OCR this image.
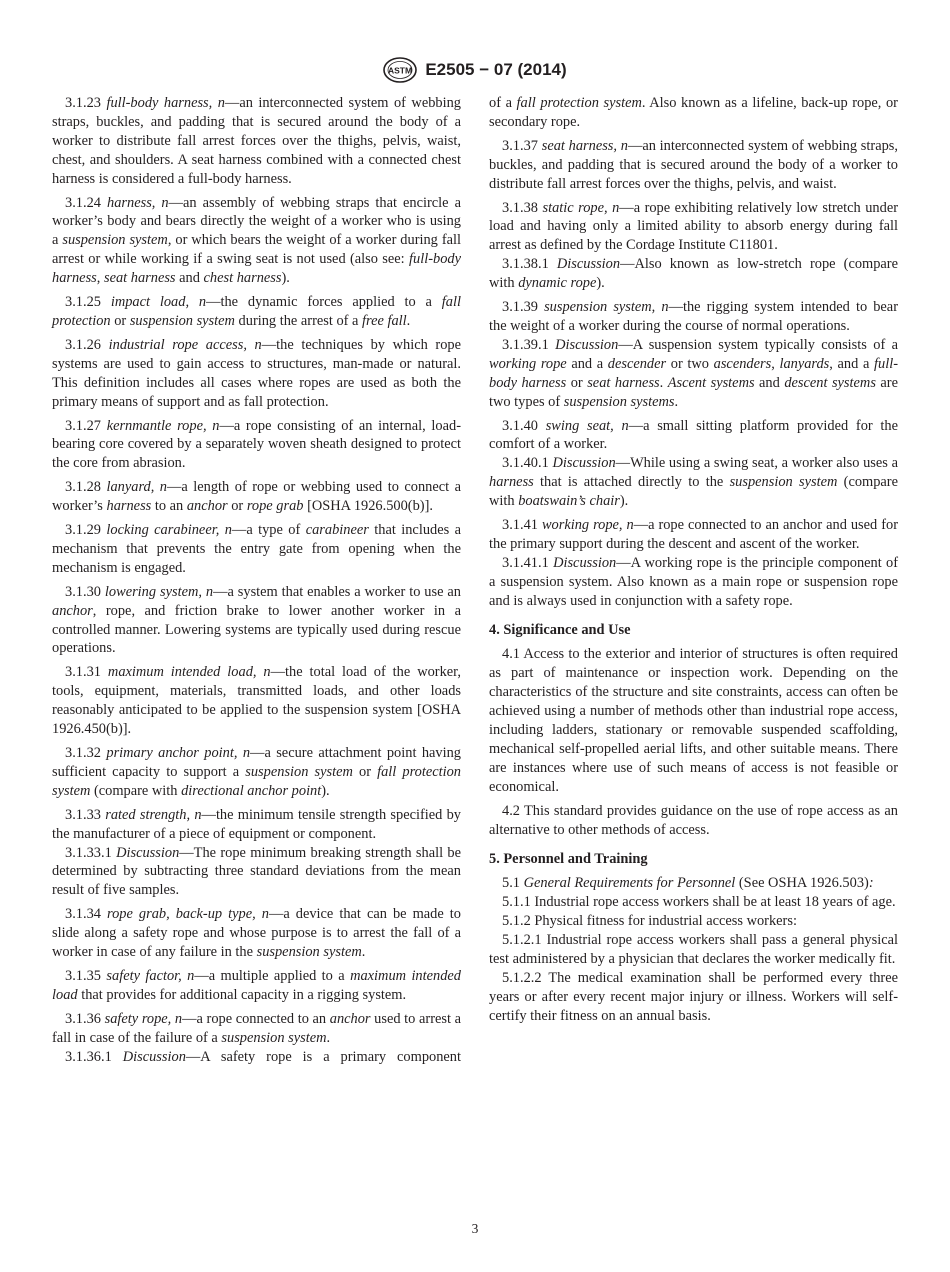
ASTM E2505 − 07 (2014)

3.1.23 full-body harness, n—an interconnected system of webbing straps, buckles, and padding that is secured around the body of a worker to distribute fall arrest forces over the thighs, pelvis, waist, chest, and shoulders. A seat harness combined with a connected chest harness is considered a full-body harness.

3.1.24 harness, n—an assembly of webbing straps that encircle a worker’s body and bears directly the weight of a worker who is using a suspension system, or which bears the weight of a worker during fall arrest or while working if a swing seat is not used (also see: full-body harness, seat harness and chest harness).

3.1.25 impact load, n—the dynamic forces applied to a fall protection or suspension system during the arrest of a free fall.

3.1.26 industrial rope access, n—the techniques by which rope systems are used to gain access to structures, man-made or natural. This definition includes all cases where ropes are used as both the primary means of support and as fall protection.

3.1.27 kernmantle rope, n—a rope consisting of an internal, load-bearing core covered by a separately woven sheath designed to protect the core from abrasion.

3.1.28 lanyard, n—a length of rope or webbing used to connect a worker’s harness to an anchor or rope grab [OSHA 1926.500(b)].

3.1.29 locking carabineer, n—a type of carabineer that includes a mechanism that prevents the entry gate from opening when the mechanism is engaged.

3.1.30 lowering system, n—a system that enables a worker to use an anchor, rope, and friction brake to lower another worker in a controlled manner. Lowering systems are typically used during rescue operations.

3.1.31 maximum intended load, n—the total load of the worker, tools, equipment, materials, transmitted loads, and other loads reasonably anticipated to be applied to the suspension system [OSHA 1926.450(b)].

3.1.32 primary anchor point, n—a secure attachment point having sufficient capacity to support a suspension system or fall protection system (compare with directional anchor point).

3.1.33 rated strength, n—the minimum tensile strength specified by the manufacturer of a piece of equipment or component.

3.1.33.1 Discussion—The rope minimum breaking strength shall be determined by subtracting three standard deviations from the mean result of five samples.

3.1.34 rope grab, back-up type, n—a device that can be made to slide along a safety rope and whose purpose is to arrest the fall of a worker in case of any failure in the suspension system.

3.1.35 safety factor, n—a multiple applied to a maximum intended load that provides for additional capacity in a rigging system.

3.1.36 safety rope, n—a rope connected to an anchor used to arrest a fall in case of the failure of a suspension system.

3.1.36.1 Discussion—A safety rope is a primary component

of a fall protection system. Also known as a lifeline, back-up rope, or secondary rope.

3.1.37 seat harness, n—an interconnected system of webbing straps, buckles, and padding that is secured around the body of a worker to distribute fall arrest forces over the thighs, pelvis, and waist.

3.1.38 static rope, n—a rope exhibiting relatively low stretch under load and having only a limited ability to absorb energy during fall arrest as defined by the Cordage Institute C11801.

3.1.38.1 Discussion—Also known as low-stretch rope (compare with dynamic rope).

3.1.39 suspension system, n—the rigging system intended to bear the weight of a worker during the course of normal operations.

3.1.39.1 Discussion—A suspension system typically consists of a working rope and a descender or two ascenders, lanyards, and a full-body harness or seat harness. Ascent systems and descent systems are two types of suspension systems.

3.1.40 swing seat, n—a small sitting platform provided for the comfort of a worker.

3.1.40.1 Discussion—While using a swing seat, a worker also uses a harness that is attached directly to the suspension system (compare with boatswain’s chair).

3.1.41 working rope, n—a rope connected to an anchor and used for the primary support during the descent and ascent of the worker.

3.1.41.1 Discussion—A working rope is the principle component of a suspension system. Also known as a main rope or suspension rope and is always used in conjunction with a safety rope.

4. Significance and Use

4.1 Access to the exterior and interior of structures is often required as part of maintenance or inspection work. Depending on the characteristics of the structure and site constraints, access can often be achieved using a number of methods other than industrial rope access, including ladders, stationary or removable suspended scaffolding, mechanical self-propelled aerial lifts, and other suitable means. There are instances where use of such means of access is not feasible or economical.

4.2 This standard provides guidance on the use of rope access as an alternative to other methods of access.

5. Personnel and Training

5.1 General Requirements for Personnel (See OSHA 1926.503):

5.1.1 Industrial rope access workers shall be at least 18 years of age.

5.1.2 Physical fitness for industrial access workers:

5.1.2.1 Industrial rope access workers shall pass a general physical test administered by a physician that declares the worker medically fit.

5.1.2.2 The medical examination shall be performed every three years or after every recent major injury or illness. Workers will self-certify their fitness on an annual basis.

3
